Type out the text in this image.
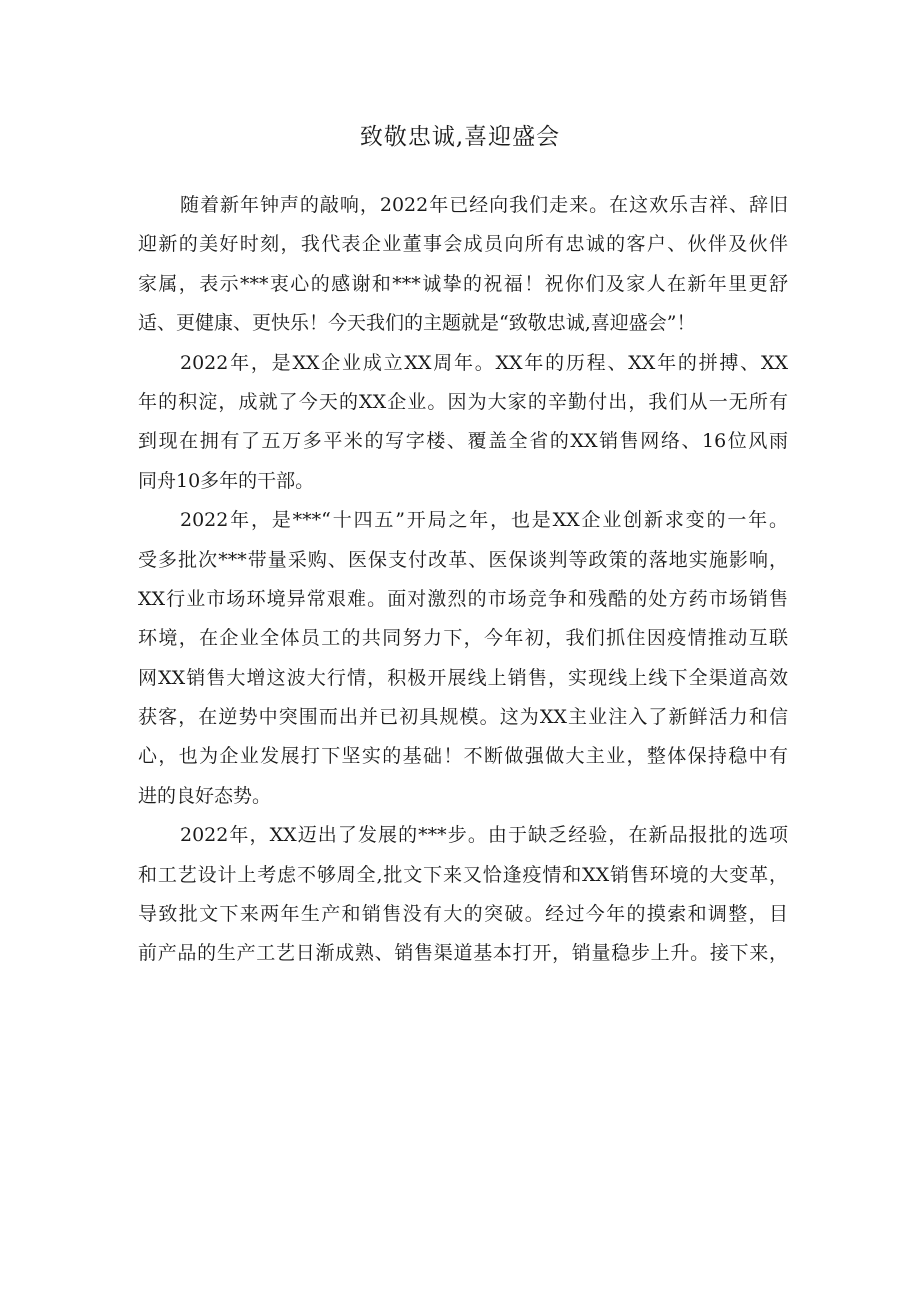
致敬忠诚,喜迎盛会
随着新年钟声的敲响，2022年已经向我们走来。在这欢乐吉祥、辞旧
迎新的美好时刻，我代表企业董事会成员向所有忠诚的客户、伙伴及伙伴
家属，表示***衷心的感谢和***诚挚的祝福！祝你们及家人在新年里更舒
适、更健康、更快乐！今天我们的主题就是“致敬忠诚,喜迎盛会”！
2022年，是XX企业成立XX周年。XX年的历程、XX年的拼搏、XX
年的积淀，成就了今天的XX企业。因为大家的辛勤付出，我们从一无所有
到现在拥有了五万多平米的写字楼、覆盖全省的XX销售网络、16位风雨
同舟10多年的干部。
2022年，是***“十四五”开局之年，也是XX企业创新求变的一年。
受多批次***带量采购、医保支付改革、医保谈判等政策的落地实施影响，
XX行业市场环境异常艰难。面对激烈的市场竞争和残酷的处方药市场销售
环境，在企业全体员工的共同努力下，今年初，我们抓住因疫情推动互联
网XX销售大增这波大行情，积极开展线上销售，实现线上线下全渠道高效
获客，在逆势中突围而出并已初具规模。这为XX主业注入了新鲜活力和信
心，也为企业发展打下坚实的基础！不断做强做大主业，整体保持稳中有
进的良好态势。
2022年，XX迈出了发展的***步。由于缺乏经验，在新品报批的选项
和工艺设计上考虑不够周全,批文下来又恰逢疫情和XX销售环境的大变革，
导致批文下来两年生产和销售没有大的突破。经过今年的摸索和调整，目
前产品的生产工艺日渐成熟、销售渠道基本打开，销量稳步上升。接下来，
